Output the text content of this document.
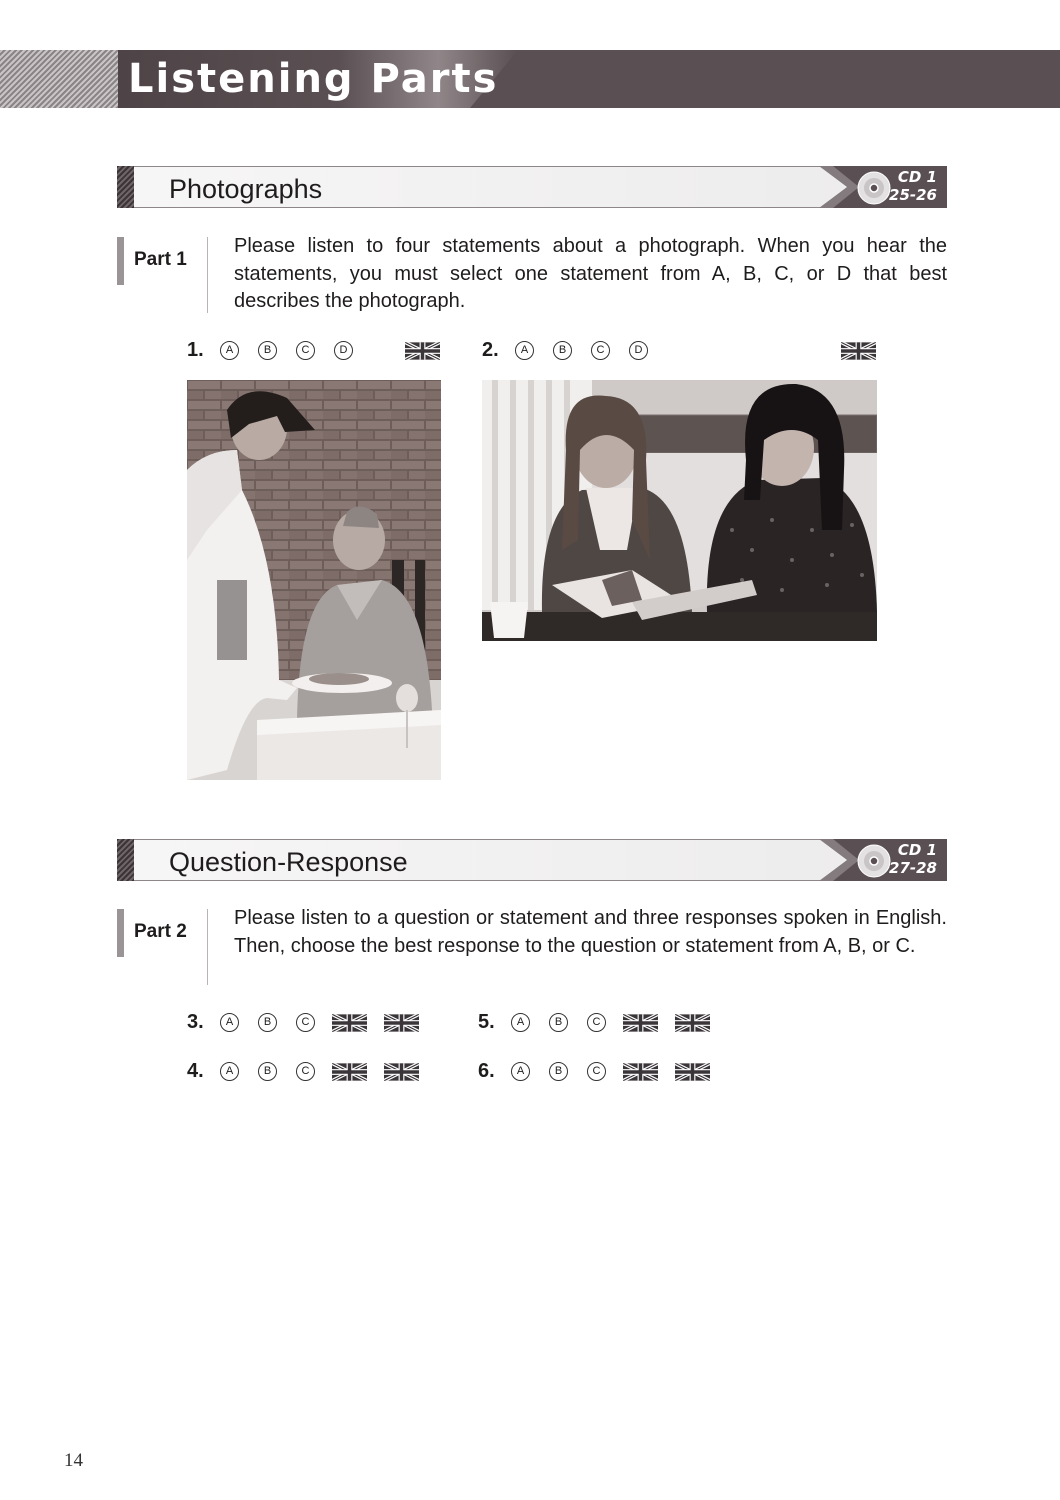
Listening Parts
Photographs	CD 1
25-26
Part 1

Please listen to four statements about a photograph. When you hear the statements, you must select one statement from A, B, C, or D that best describes the photograph.

1.	A	B	C	D	2.	A	B	C	D
Question-Response	CD 1
27-28
Part 2

Please listen to a question or statement and three responses spoken in English. Then, choose the best response to the question or statement from A, B, or C.

3.	A	B	C
4.	A	B	C
5.	A	B	C
6.	A	B	C
14
